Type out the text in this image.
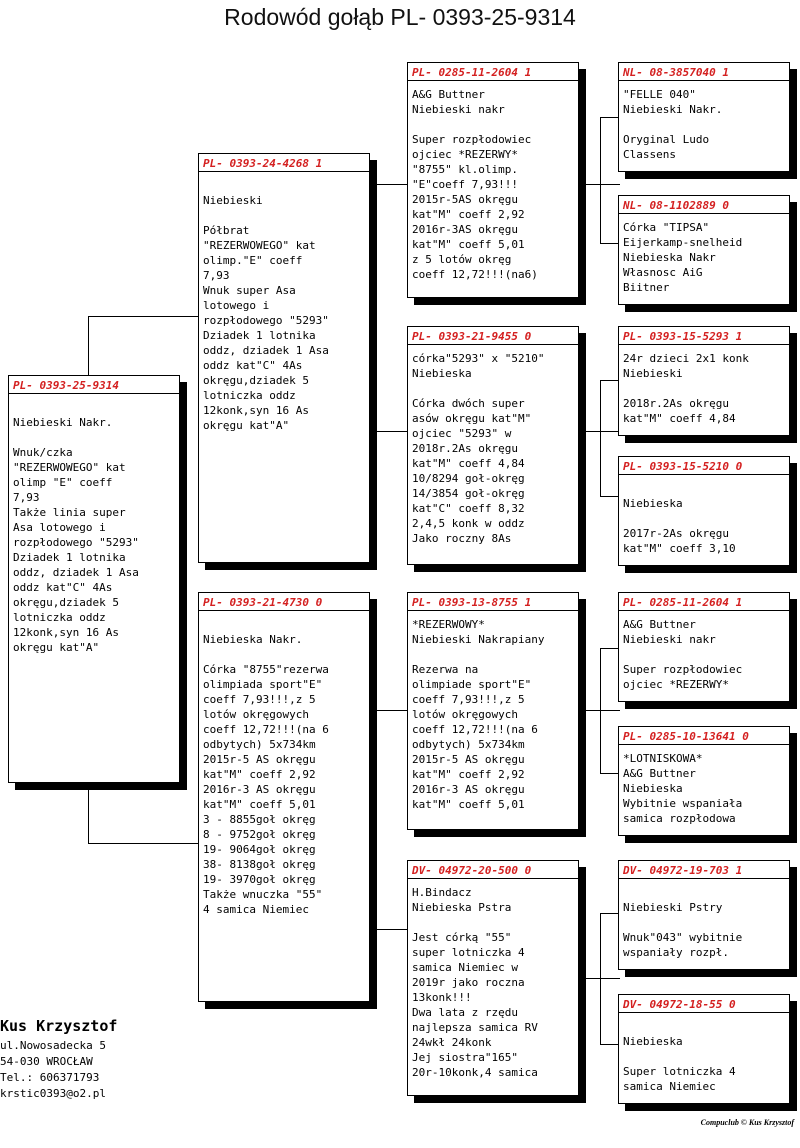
Rodowód gołąb PL- 0393-25-9314
PL- 0393-25-9314

Niebieski Nakr.

Wnuk/czka
"REZERWOWEGO" kat
olimp "E" coeff
7,93
Także linia super
Asa lotowego i
rozpłodowego "5293"
Dziadek 1 lotnika
oddz, dziadek 1 Asa
oddz kat"C" 4As
okręgu,dziadek 5
lotniczka oddz
12konk,syn 16 As
okręgu kat"A"
PL- 0393-24-4268 1

Niebieski

Półbrat
"REZERWOWEGO" kat
olimp."E" coeff
7,93
Wnuk super Asa
lotowego i
rozpłodowego "5293"
Dziadek 1 lotnika
oddz, dziadek 1 Asa
oddz kat"C" 4As
okręgu,dziadek 5
lotniczka oddz
12konk,syn 16 As
okręgu kat"A"
PL- 0393-21-4730 0

Niebieska Nakr.

Córka "8755"rezerwa
olimpiada sport"E"
coeff 7,93!!!,z 5
lotów okręgowych
coeff 12,72!!!(na 6
odbytych) 5x734km
2015r-5 AS okręgu
kat"M" coeff 2,92
2016r-3 AS okręgu
kat"M" coeff 5,01
3 - 8855goł okręg
8 - 9752goł okręg
19- 9064goł okręg
38- 8138goł okręg
19- 3970goł okręg
Także wnuczka "55"
4 samica Niemiec
PL- 0285-11-2604 1
A&G Buttner
Niebieski nakr

Super rozpłodowiec
ojciec *REZERWY*
"8755" kl.olimp.
"E"coeff 7,93!!!
2015r-5AS okręgu
kat"M" coeff 2,92
2016r-3AS okręgu
kat"M" coeff 5,01
z 5 lotów okręg
coeff 12,72!!!(na6)
PL- 0393-21-9455 0
córka"5293" x "5210"
Niebieska

Córka dwóch super
asów okręgu kat"M"
ojciec "5293" w
2018r.2As okręgu
kat"M" coeff 4,84
10/8294 goł-okręg
14/3854 goł-okręg
kat"C" coeff 8,32
2,4,5 konk w oddz
Jako roczny 8As
PL- 0393-13-8755 1
*REZERWOWY*
Niebieski Nakrapiany

Rezerwa na
olimpiade sport"E"
coeff 7,93!!!,z 5
lotów okręgowych
coeff 12,72!!!(na 6
odbytych) 5x734km
2015r-5 AS okręgu
kat"M" coeff 2,92
2016r-3 AS okręgu
kat"M" coeff 5,01
DV- 04972-20-500 0
H.Bindacz
Niebieska Pstra

Jest córką "55"
super lotniczka 4
samica Niemiec w
2019r jako roczna
13konk!!!
Dwa lata z rzędu
najlepsza samica RV
24wkł 24konk
Jej siostra"165"
20r-10konk,4 samica
NL- 08-3857040 1
"FELLE 040"
Niebieski Nakr.

Oryginal Ludo
Classens
NL- 08-1102889 0
Córka "TIPSA"
Eijerkamp-snelheid
Niebieska Nakr
Własnosc AiG
Biitner
PL- 0393-15-5293 1
24r dzieci 2x1 konk
Niebieski

2018r.2As okręgu
kat"M" coeff 4,84
PL- 0393-15-5210 0

Niebieska

2017r-2As okręgu
kat"M" coeff 3,10
PL- 0285-11-2604 1
A&G Buttner
Niebieski nakr

Super rozpłodowiec
ojciec *REZERWY*
PL- 0285-10-13641 0
*LOTNISKOWA*
A&G Buttner
Niebieska
Wybitnie wspaniała
samica rozpłodowa
DV- 04972-19-703 1

Niebieski Pstry

Wnuk"043" wybitnie
wspaniały rozpł.
DV- 04972-18-55 0

Niebieska

Super lotniczka 4
samica Niemiec
Kus Krzysztof
ul.Nowosadecka 5
54-030 WROCŁAW
Tel.: 606371793
krstic0393@o2.pl
Compuclub © Kus Krzysztof
